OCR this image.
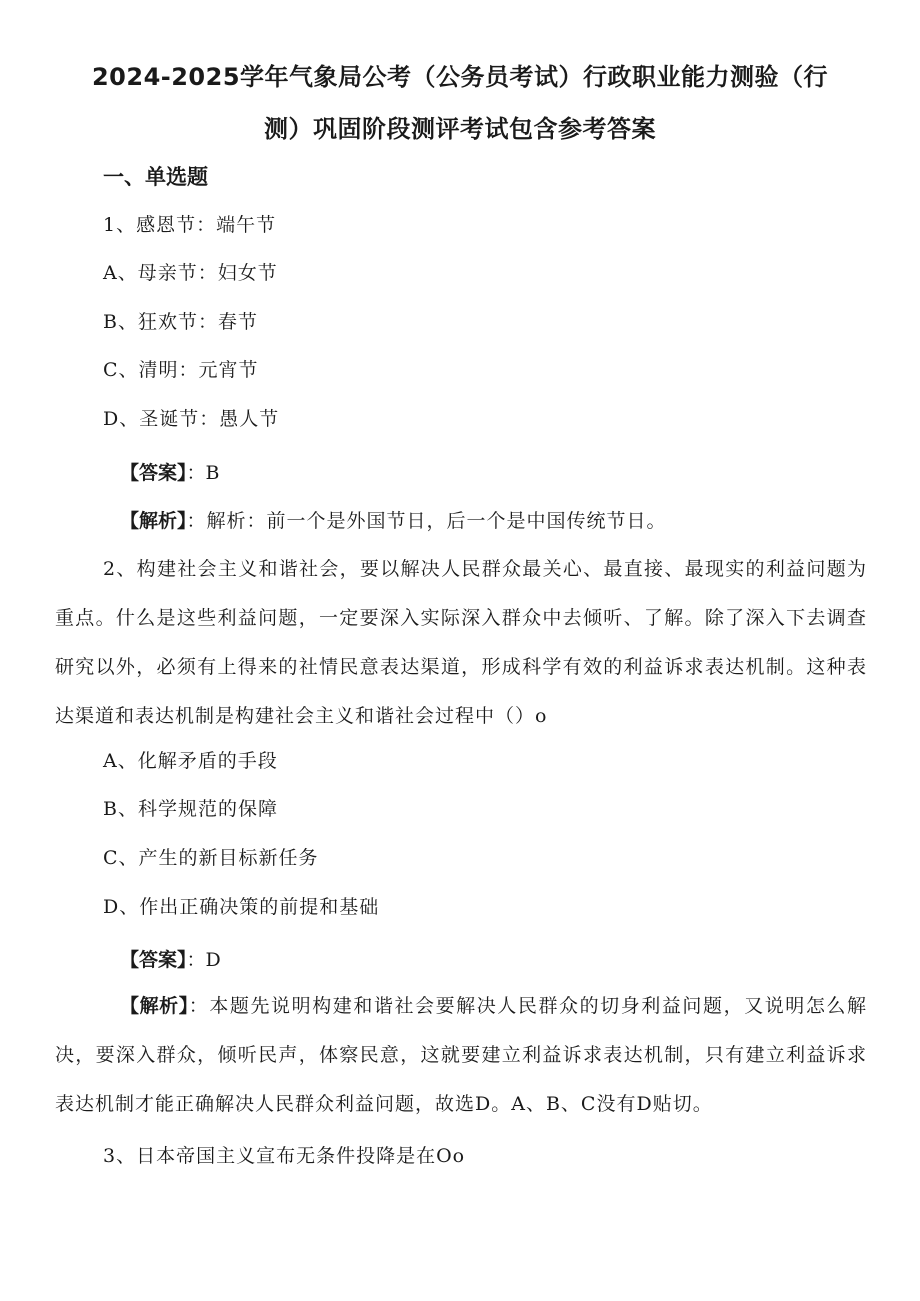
2024-2025学年气象局公考（公务员考试）行政职业能力测验（行
测）巩固阶段测评考试包含参考答案
一、单选题
1、感恩节：端午节
A、母亲节：妇女节
B、狂欢节：春节
C、清明：元宵节
D、圣诞节：愚人节
【答案】：B
【解析】：解析：前一个是外国节日，后一个是中国传统节日。
2、构建社会主义和谐社会，要以解决人民群众最关心、最直接、最现实的利益问题为重点。什么是这些利益问题，一定要深入实际深入群众中去倾听、了解。除了深入下去调查研究以外，必须有上得来的社情民意表达渠道，形成科学有效的利益诉求表达机制。这种表达渠道和表达机制是构建社会主义和谐社会过程中（）o
A、化解矛盾的手段
B、科学规范的保障
C、产生的新目标新任务
D、作出正确决策的前提和基础
【答案】：D
【解析】：本题先说明构建和谐社会要解决人民群众的切身利益问题，又说明怎么解决，要深入群众，倾听民声，体察民意，这就要建立利益诉求表达机制，只有建立利益诉求表达机制才能正确解决人民群众利益问题，故选D。A、B、C没有D贴切。
3、日本帝国主义宣布无条件投降是在Oo
